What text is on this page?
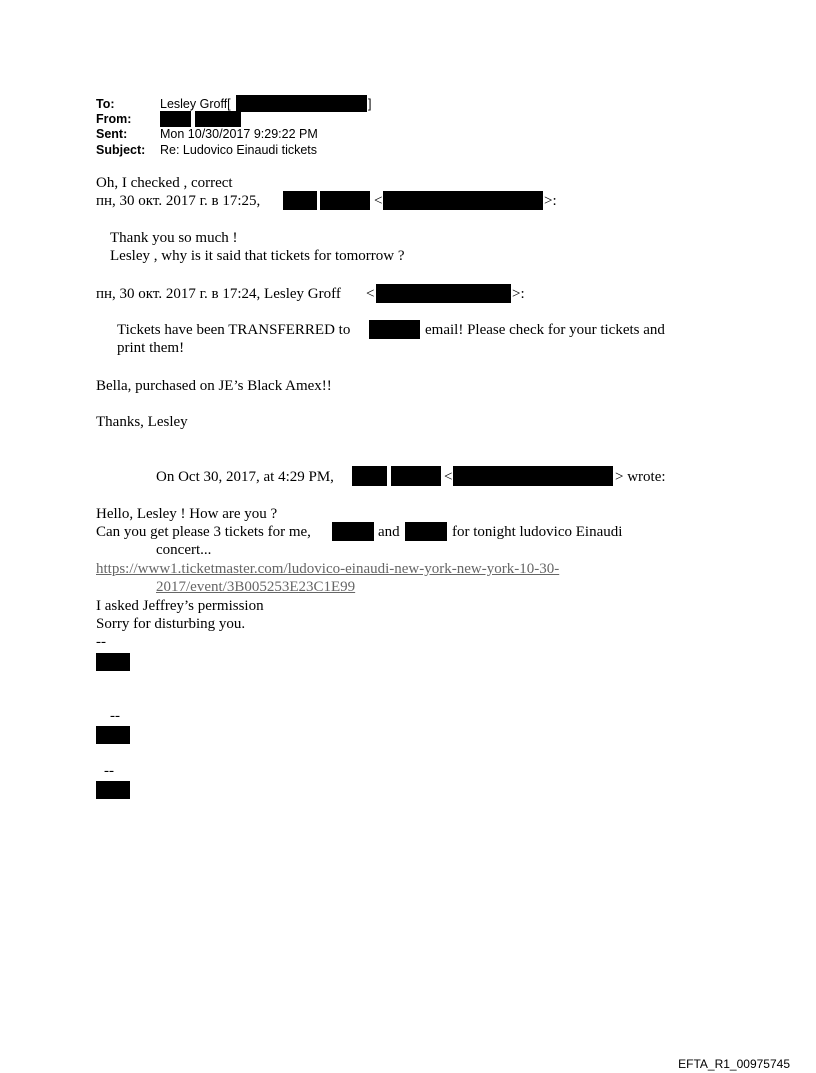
To:	Lesley Groff[	]
From:
Sent:	Mon 10/30/2017 9:29:22 PM
Subject: Re: Ludovico Einaudi tickets
Oh, I checked , correct
пн, 30 окт. 2017 г. в 17:25,	<	>:
Thank you so much !
Lesley , why is it said that tickets for tomorrow ?
пн, 30 окт. 2017 г. в 17:24, Lesley Groff <	>:
Tickets have been TRANSFERRED to	email! Please check for your tickets and
print them!
Bella, purchased on JE’s Black Amex!!
Thanks, Lesley
On Oct 30, 2017, at 4:29 PM,	<	> wrote:
Hello, Lesley ! How are you ?
Can you get please 3 tickets for me,	and	for tonight ludovico Einaudi
concert...
https://www1.ticketmaster.com/ludovico-einaudi-new-york-new-york-10-30-
2017/event/3B005253E23C1E99
I asked Jeffrey’s permission
Sorry for disturbing you.
--
--
--
EFTA_R1_00975745
